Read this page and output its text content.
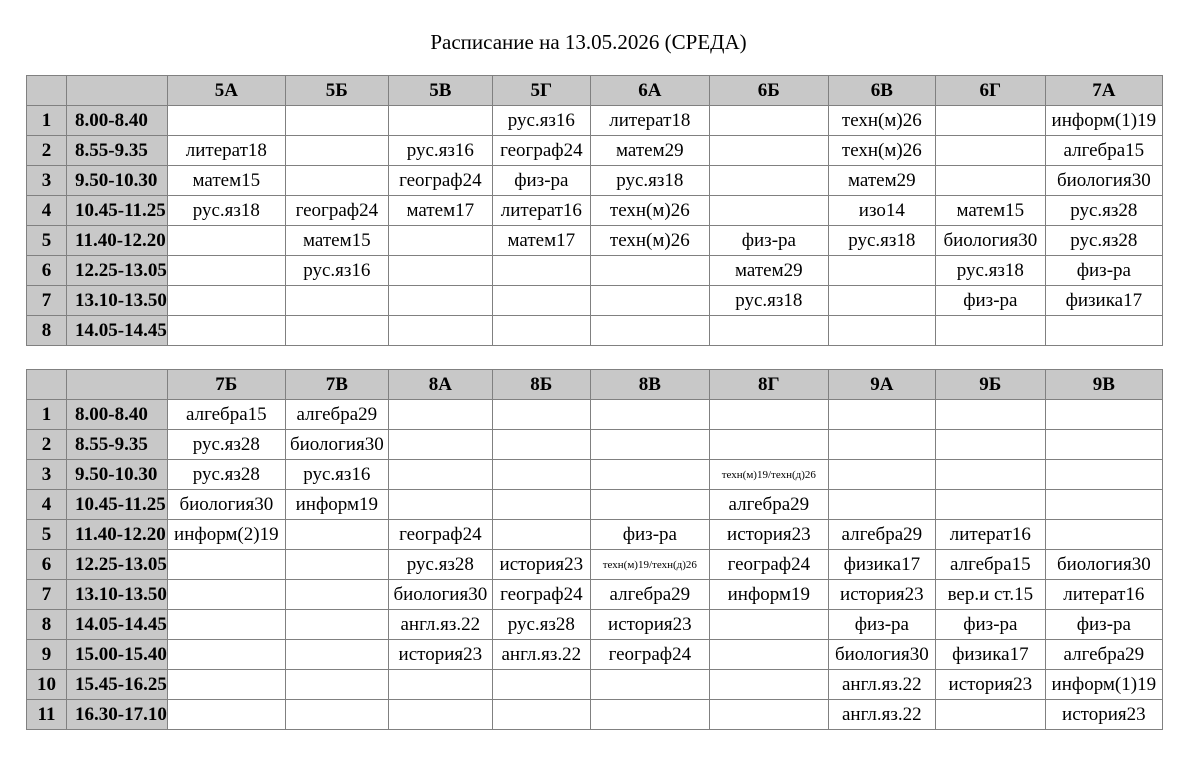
Расписание на 13.05.2026 (СРЕДА)
		5А	5Б	5В	5Г	6А	6Б	6В	6Г	7А
1	8.00-8.40				рус.яз16	литерат18		техн(м)26		информ(1)19
2	8.55-9.35	литерат18		рус.яз16	географ24	матем29		техн(м)26		алгебра15
3	9.50-10.30	матем15		географ24	физ-ра	рус.яз18		матем29		биология30
4	10.45-11.25	рус.яз18	географ24	матем17	литерат16	техн(м)26		изо14	матем15	рус.яз28
5	11.40-12.20		матем15		матем17	техн(м)26	физ-ра	рус.яз18	биология30	рус.яз28
6	12.25-13.05		рус.яз16				матем29		рус.яз18	физ-ра
7	13.10-13.50						рус.яз18		физ-ра	физика17
8	14.05-14.45									
		7Б	7В	8А	8Б	8В	8Г	9А	9Б	9В
1	8.00-8.40	алгебра15	алгебра29							
2	8.55-9.35	рус.яз28	биология30							
3	9.50-10.30	рус.яз28	рус.яз16				техн(м)19/техн(д)26			
4	10.45-11.25	биология30	информ19				алгебра29			
5	11.40-12.20	информ(2)19		географ24		физ-ра	история23	алгебра29	литерат16	
6	12.25-13.05			рус.яз28	история23	техн(м)19/техн(д)26	географ24	физика17	алгебра15	биология30
7	13.10-13.50			биология30	географ24	алгебра29	информ19	история23	вер.и ст.15	литерат16
8	14.05-14.45			англ.яз.22	рус.яз28	история23		физ-ра	физ-ра	физ-ра
9	15.00-15.40			история23	англ.яз.22	географ24		биология30	физика17	алгебра29
10	15.45-16.25							англ.яз.22	история23	информ(1)19
11	16.30-17.10							англ.яз.22		история23
